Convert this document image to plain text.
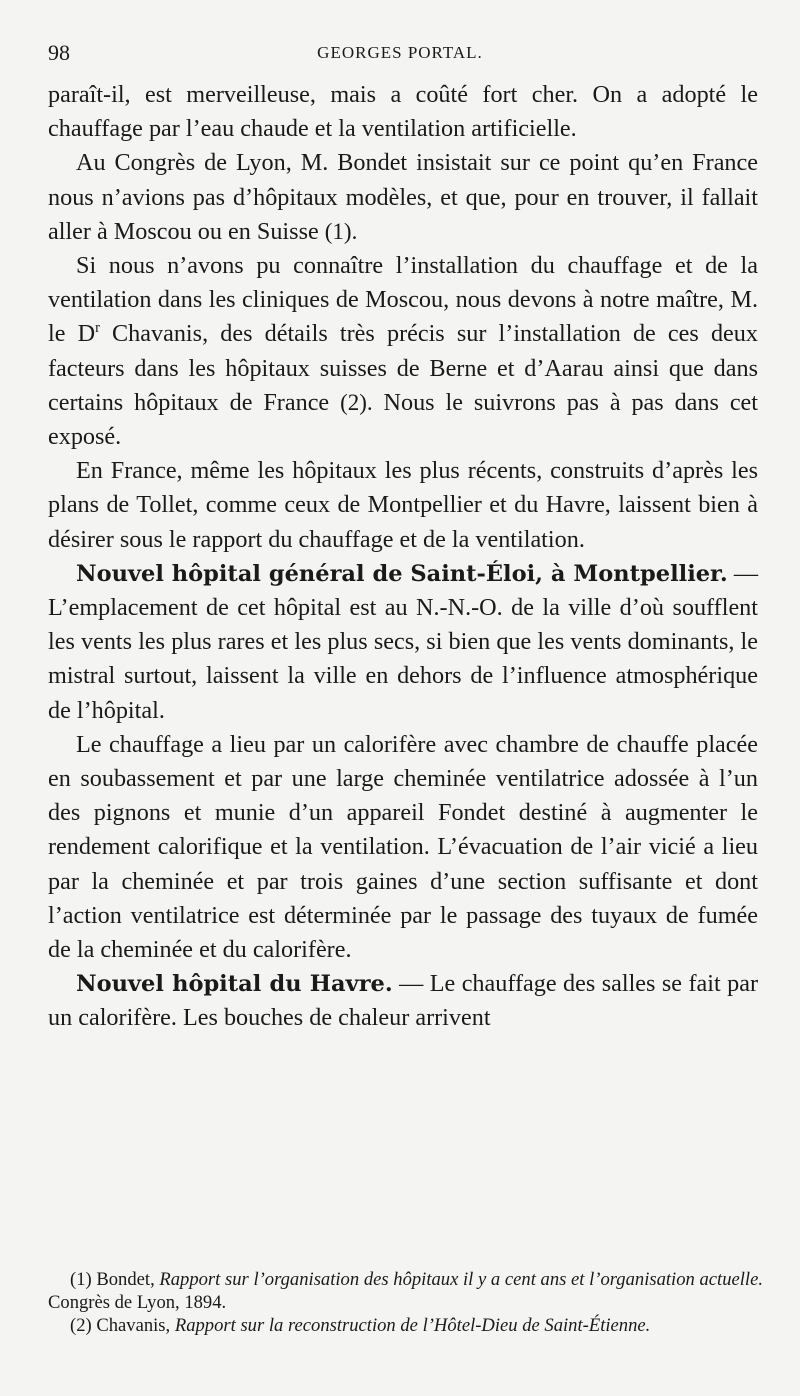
98	GEORGES PORTAL.

paraît-il, est merveilleuse, mais a coûté fort cher. On a adopté le chauffage par l’eau chaude et la ventilation artificielle.

Au Congrès de Lyon, M. Bondet insistait sur ce point qu’en France nous n’avions pas d’hôpitaux modèles, et que, pour en trouver, il fallait aller à Moscou ou en Suisse (1).

Si nous n’avons pu connaître l’installation du chauffage et de la ventilation dans les cliniques de Moscou, nous devons à notre maître, M. le $D^r$ Chavanis, des détails très précis sur l’installation de ces deux facteurs dans les hôpitaux suisses de Berne et d’Aarau ainsi que dans certains hôpitaux de France (2). Nous le suivrons pas à pas dans cet exposé.

En France, même les hôpitaux les plus récents, construits d’après les plans de Tollet, comme ceux de Montpellier et du Havre, laissent bien à désirer sous le rapport du chauffage et de la ventilation.

Nouvel hôpital général de Saint-Éloi, à Montpellier. — L’emplacement de cet hôpital est au N.-N.-O. de la ville d’où soufflent les vents les plus rares et les plus secs, si bien que les vents dominants, le mistral surtout, laissent la ville en dehors de l’influence atmosphérique de l’hôpital.

Le chauffage a lieu par un calorifère avec chambre de chauffe placée en soubassement et par une large cheminée ventilatrice adossée à l’un des pignons et munie d’un appareil Fondet destiné à augmenter le rendement calorifique et la ventilation. L’évacuation de l’air vicié a lieu par la cheminée et par trois gaines d’une section suffisante et dont l’action ventilatrice est déterminée par le passage des tuyaux de fumée de la cheminée et du calorifère.

Nouvel hôpital du Havre. — Le chauffage des salles se fait par un calorifère. Les bouches de chaleur arrivent

(1) Bondet, Rapport sur l’organisation des hôpitaux il y a cent ans et l’organisation actuelle. Congrès de Lyon, 1894.

(2) Chavanis, Rapport sur la reconstruction de l’Hôtel-Dieu de Saint-Étienne.
